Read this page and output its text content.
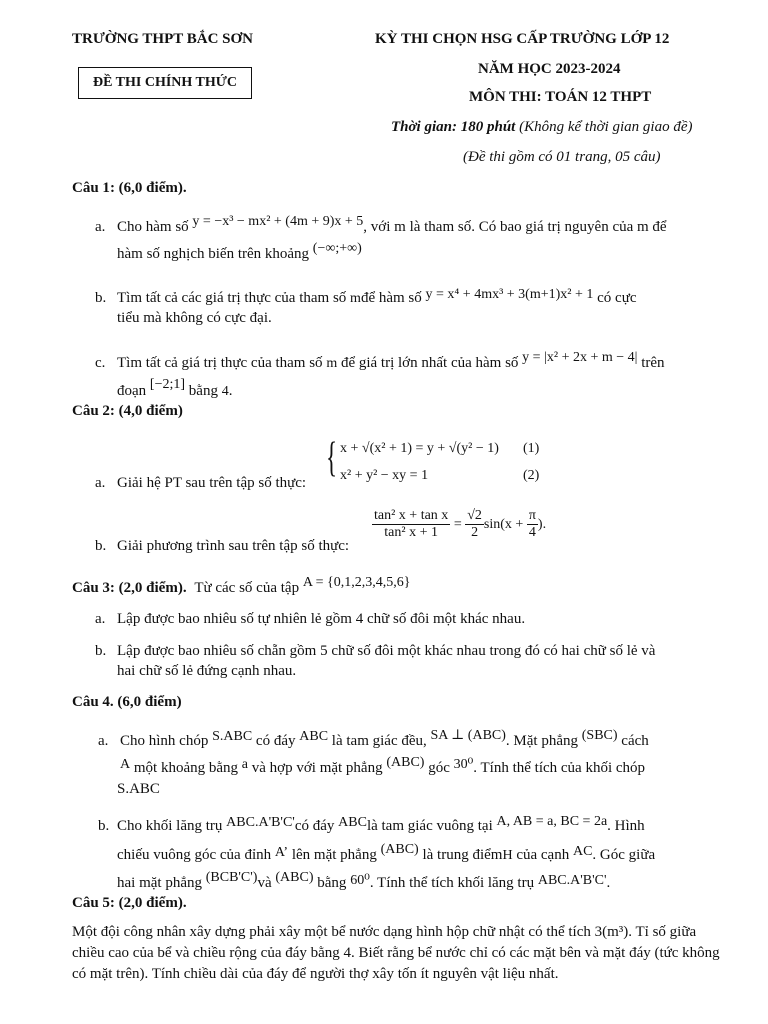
TRƯỜNG THPT BẮC SƠN
ĐỀ THI CHÍNH THỨC
KỲ THI CHỌN HSG CẤP TRƯỜNG LỚP 12
NĂM HỌC 2023-2024
MÔN THI: TOÁN 12 THPT
Thời gian: 180 phút (Không kể thời gian giao đề)
(Đề thi gồm có 01 trang, 05 câu)
Câu 1: (6,0 điểm).
a. Cho hàm số y = −x³ − mx² + (4m + 9)x + 5, với m là tham số. Có bao giá trị nguyên của m để
hàm số nghịch biến trên khoảng (−∞;+∞)
b. Tìm tất cả các giá trị thực của tham số mđể hàm số y = x⁴ + 4mx³ + 3(m+1)x² + 1 có cực
tiểu mà không có cực đại.
c. Tìm tất cả giá trị thực của tham số m để giá trị lớn nhất của hàm số y = |x² + 2x + m − 4| trên
đoạn [−2;1] bằng 4.
Câu 2: (4,0 điểm)
{ x + √(x² + 1) = y + √(y² − 1) (1)
x² + y² − xy = 1	(2)
a. Giải hệ PT sau trên tập số thực:
b. Giải phương trình sau trên tập số thực:
$\frac{\text{tan² x + tan x}}{\text{tan² x + 1}} = \frac{√2}{2} \sin(x + \frac{\pi}{4}$ ).
Câu 3: (2,0 điểm). Từ các số của tập A = {0,1,2,3,4,5,6}
a. Lập được bao nhiêu số tự nhiên lẻ gồm 4 chữ số đôi một khác nhau.
b. Lập được bao nhiêu số chẵn gồm 5 chữ số đôi một khác nhau trong đó có hai chữ số lẻ và
hai chữ số lẻ đứng cạnh nhau.
Câu 4. (6,0 điểm)
a. Cho hình chóp S.ABC có đáy ABC là tam giác đều, SA ⊥ (ABC). Mặt phẳng (SBC) cách
A một khoảng bằng a và hợp với mặt phẳng (ABC) góc 30⁰. Tính thể tích của khối chóp
S.ABC
b. Cho khối lăng trụ ABC.A'B'C'có đáy ABClà tam giác vuông tại A, AB = a, BC = 2a. Hình
chiếu vuông góc của đỉnh A’ lên mặt phẳng (ABC) là trung điểmH của cạnh AC. Góc giữa
hai mặt phẳng (BCB'C')và (ABC) bằng 60⁰. Tính thể tích khối lăng trụ ABC.A'B'C'.
Câu 5: (2,0 điểm).
Một đội công nhân xây dựng phải xây một bể nước dạng hình hộp chữ nhật có thể tích 3(m³). Tỉ số giữa chiều cao của bể và chiều rộng của đáy bằng 4. Biết rằng bể nước chỉ có các mặt bên và mặt đáy (tức không có mặt trên). Tính chiều dài của đáy để người thợ xây tốn ít nguyên vật liệu nhất.
